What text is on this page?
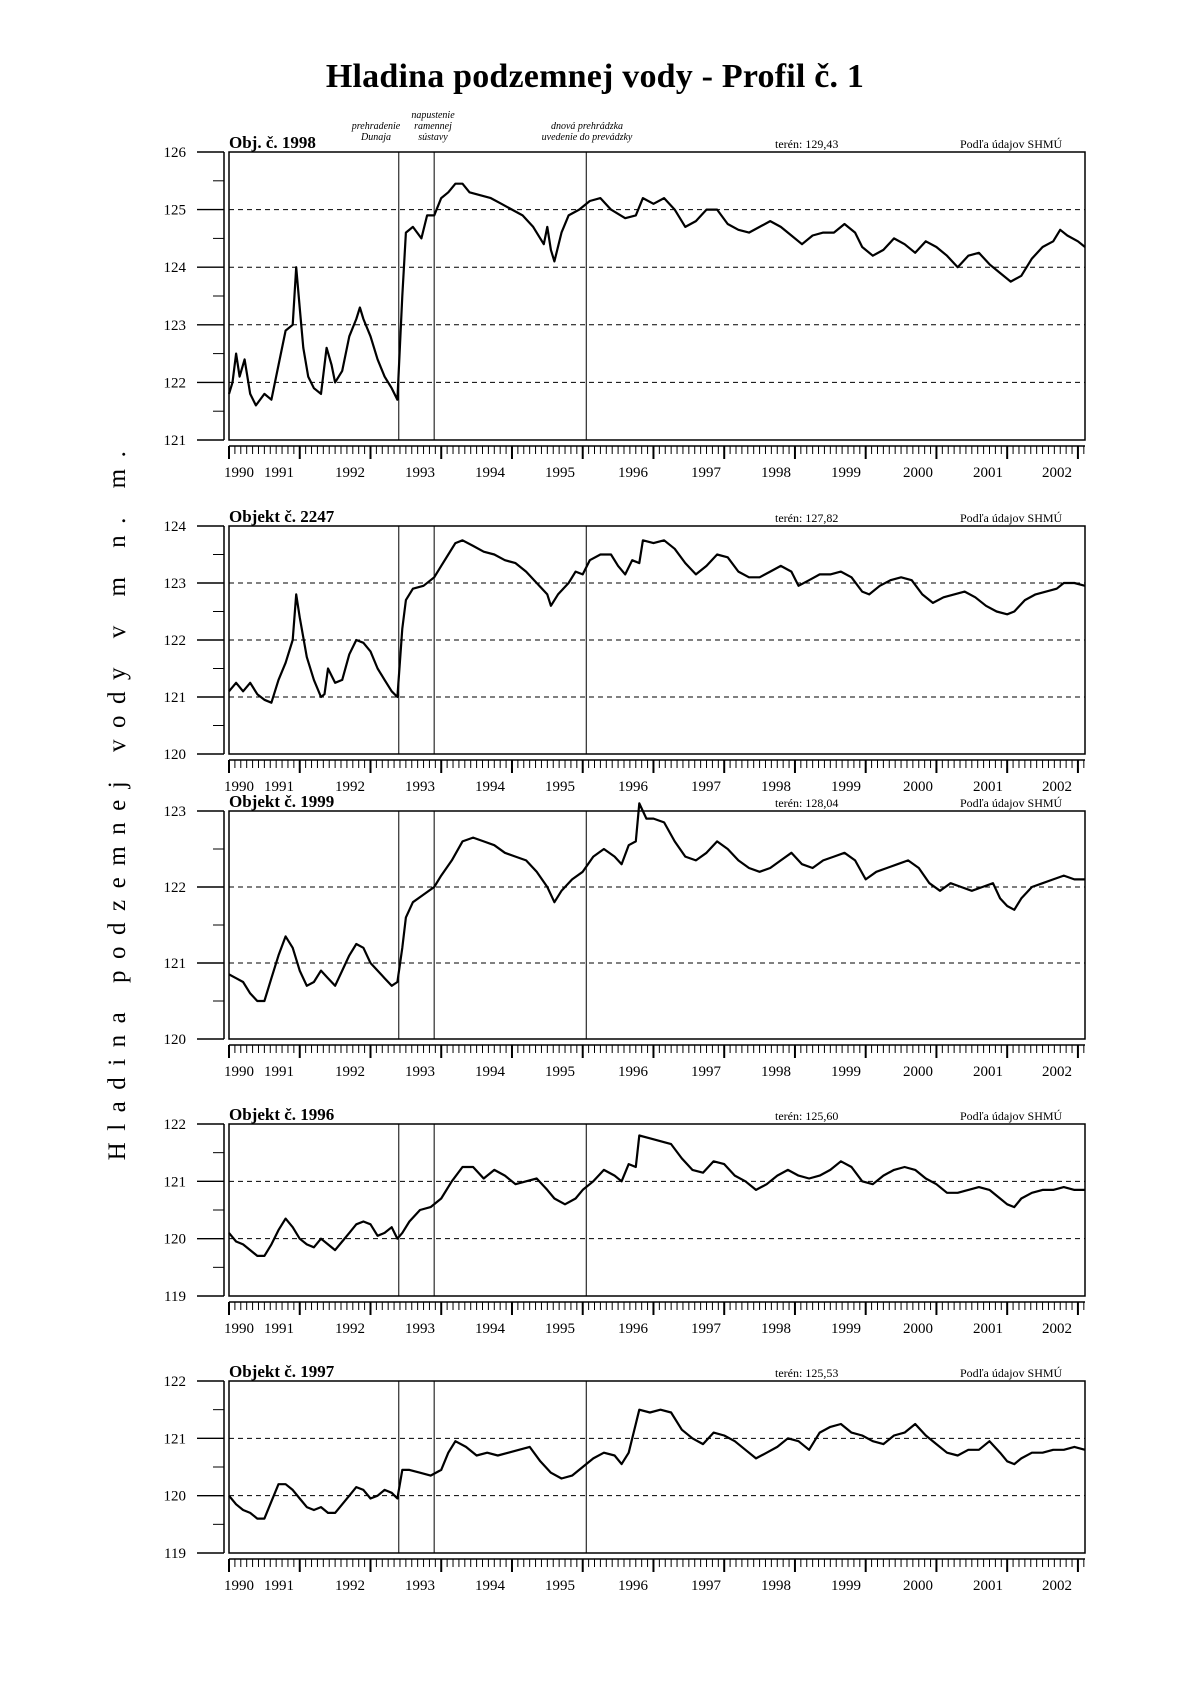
Hladina podzemnej vody - Profil č. 1
Hladina podzemnej vody v m n. m. 121
122
123
124
125
126
1990 1991	1992	1993	1994	1995	1996	1997	1998	1999	2000	2001	2002
Obj. č. 1998	terén: 129,43	Podľa údajov SHMÚ
120
121
122
123
124
1990 1991	1992	1993	1994	1995	1996	1997	1998	1999	2000	2001	2002
Objekt č. 2247	terén: 127,82	Podľa údajov SHMÚ
120
121
122
123
1990 1991	1992	1993	1994	1995	1996	1997	1998	1999	2000	2001	2002
Objekt č. 1999	terén: 128,04	Podľa údajov SHMÚ
119
120
121
122
1990 1991	1992	1993	1994	1995	1996	1997	1998	1999	2000	2001	2002
Objekt č. 1996	terén: 125,60	Podľa údajov SHMÚ
119
120
121
122
1990 1991	1992	1993	1994	1995	1996	1997	1998	1999	2000	2001	2002
Objekt č. 1997	terén: 125,53	Podľa údajov SHMÚ
prehradenie
Dunaja
napustenie
ramennej
sústavy
dnová prehrádzka
uvedenie do prevádzky
